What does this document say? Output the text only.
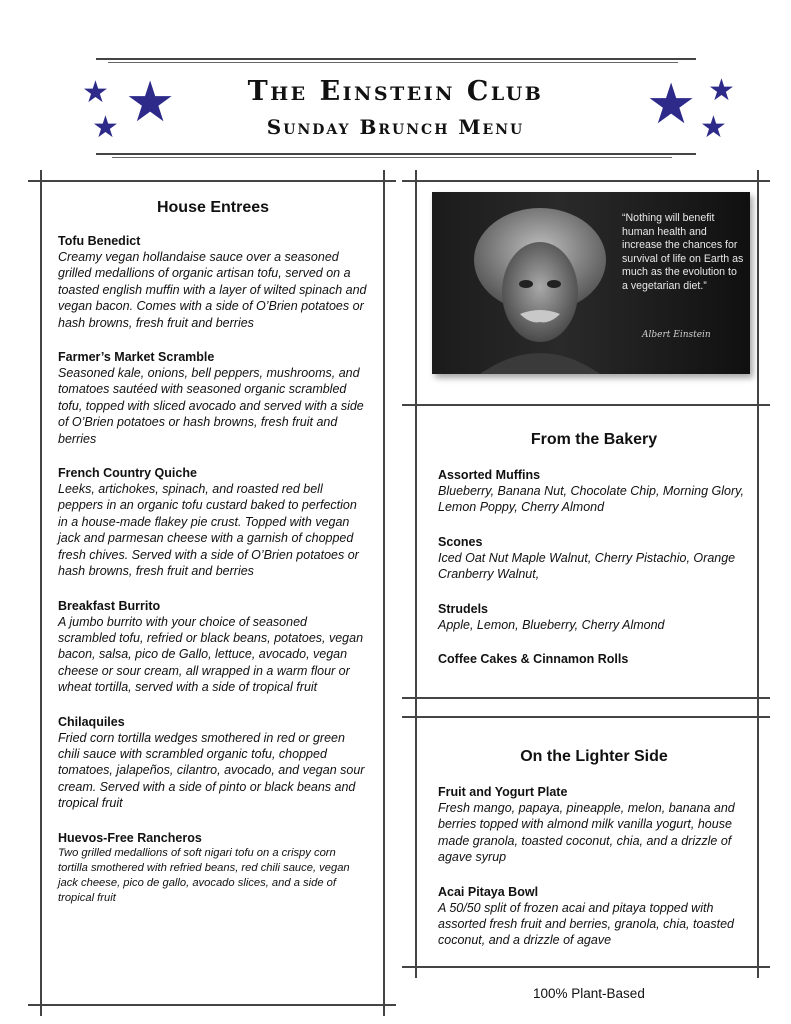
The Einstein Club
Sunday Brunch Menu
★ ★
★	★ ★
★
House Entrees
Tofu Benedict
Creamy vegan hollandaise sauce over a seasoned grilled medallions of organic artisan tofu, served on a toasted english muffin with a layer of wilted spinach and vegan bacon. Comes with a side of O’Brien potatoes or hash browns, fresh fruit and berries
Farmer’s Market Scramble
Seasoned kale, onions, bell peppers, mushrooms, and tomatoes sautéed with seasoned organic scrambled tofu, topped with sliced avocado and served with a side of O’Brien potatoes or hash browns, fresh fruit and berries
French Country Quiche
Leeks, artichokes, spinach, and roasted red bell peppers in an organic tofu custard baked to perfection in a house-made flakey pie crust. Topped with vegan jack and parmesan cheese with a garnish of chopped fresh chives. Served with a side of O’Brien potatoes or hash browns, fresh fruit and berries
Breakfast Burrito
A jumbo burrito with your choice of seasoned scrambled tofu, refried or black beans, potatoes, vegan bacon, salsa, pico de Gallo, lettuce, avocado, vegan cheese or sour cream, all wrapped in a warm flour or wheat tortilla, served with a side of tropical fruit
Chilaquiles
Fried corn tortilla wedges smothered in red or green chili sauce with scrambled organic tofu, chopped tomatoes, jalapeños, cilantro, avocado, and vegan sour cream. Served with a side of pinto or black beans and tropical fruit
Huevos-Free Rancheros
Two grilled medallions of soft nigari tofu on a crispy corn tortilla smothered with refried beans, red chili sauce, vegan jack cheese, pico de gallo, avocado slices, and a side of tropical fruit
“Nothing will benefit human health and increase the chances for survival of life on Earth as much as the evolution to a vegetarian diet.”
Albert Einstein
From the Bakery
Assorted Muffins
Blueberry, Banana Nut, Chocolate Chip, Morning Glory, Lemon Poppy, Cherry Almond
Scones
Iced Oat Nut Maple Walnut, Cherry Pistachio, Orange Cranberry Walnut,
Strudels
Apple, Lemon, Blueberry, Cherry Almond
Coffee Cakes & Cinnamon Rolls
On the Lighter Side
Fruit and Yogurt Plate
Fresh mango, papaya, pineapple, melon, banana and berries topped with almond milk vanilla yogurt, house made granola, toasted coconut, chia, and a drizzle of agave syrup
Acai Pitaya Bowl
A 50/50 split of frozen acai and pitaya topped with assorted fresh fruit and berries, granola, chia, toasted coconut, and a drizzle of agave
100% Plant-Based
